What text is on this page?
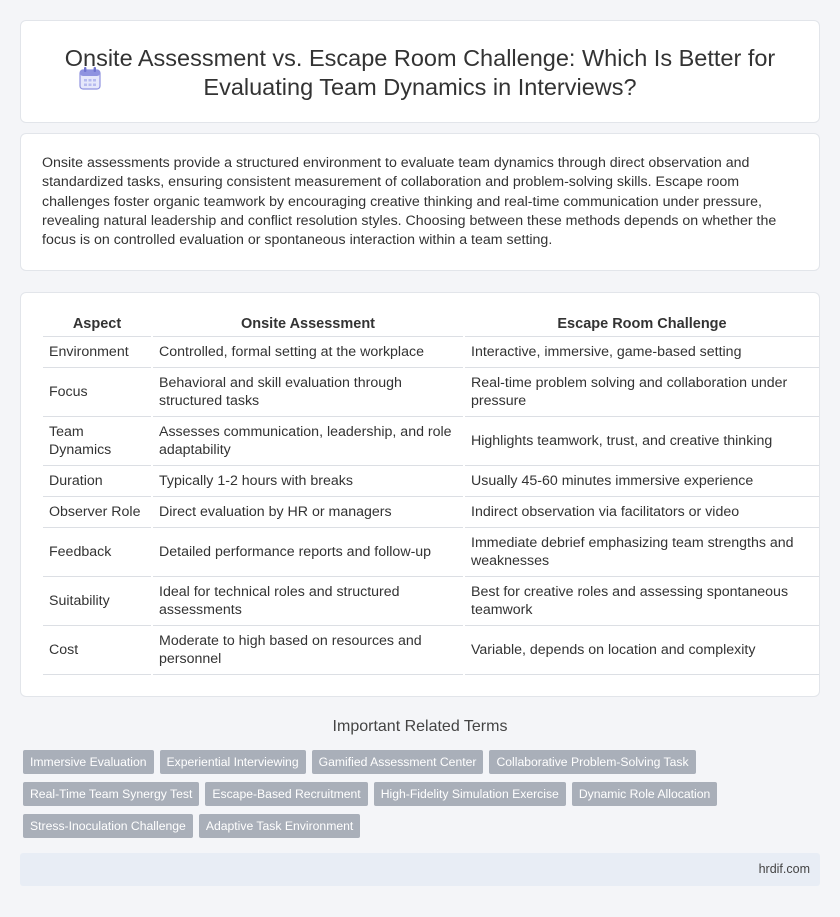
Onsite Assessment vs. Escape Room Challenge: Which Is Better for Evaluating Team Dynamics in Interviews?

Onsite assessments provide a structured environment to evaluate team dynamics through direct observation and standardized tasks, ensuring consistent measurement of collaboration and problem-solving skills. Escape room challenges foster organic teamwork by encouraging creative thinking and real-time communication under pressure, revealing natural leadership and conflict resolution styles. Choosing between these methods depends on whether the focus is on controlled evaluation or spontaneous interaction within a team setting.

Aspect	Onsite Assessment	Escape Room Challenge
Environment	Controlled, formal setting at the workplace	Interactive, immersive, game-based setting
Focus	Behavioral and skill evaluation through structured tasks	Real-time problem solving and collaboration under pressure
Team Dynamics	Assesses communication, leadership, and role adaptability	Highlights teamwork, trust, and creative thinking
Duration	Typically 1-2 hours with breaks	Usually 45-60 minutes immersive experience
Observer Role	Direct evaluation by HR or managers	Indirect observation via facilitators or video
Feedback	Detailed performance reports and follow-up	Immediate debrief emphasizing team strengths and weaknesses
Suitability	Ideal for technical roles and structured assessments	Best for creative roles and assessing spontaneous teamwork
Cost	Moderate to high based on resources and personnel	Variable, depends on location and complexity
Important Related Terms
Immersive Evaluation Experiential Interviewing Gamified Assessment Center Collaborative Problem-Solving Task
Real-Time Team Synergy Test Escape-Based Recruitment High-Fidelity Simulation Exercise Dynamic Role Allocation
Stress-Inoculation Challenge Adaptive Task Environment
hrdif.com
